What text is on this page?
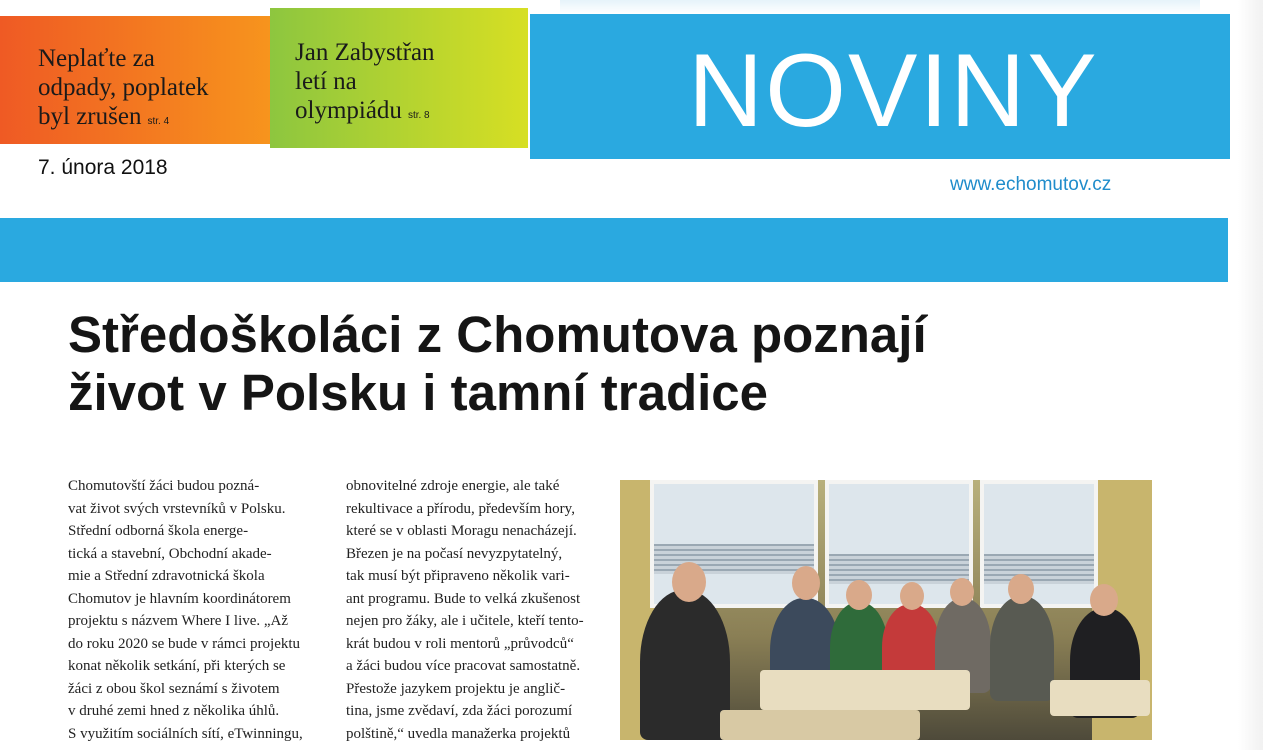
Neplaťte za
odpady, poplatek
byl zrušen str. 4
Jan Zabystřan
letí na
olympiádu str. 8	NOVINY
7. února 2018
www.echomutov.cz
Středoškoláci z Chomutova poznají
život v Polsku i tamní tradice
Chomutovští žáci budou pozná-
vat život svých vrstevníků v Polsku.
Střední odborná škola energe-
tická a stavební, Obchodní akade-
mie a Střední zdravotnická škola
Chomutov je hlavním koordinátorem
projektu s názvem Where I live. „Až
do roku 2020 se bude v rámci projektu
konat několik setkání, při kterých se
žáci z obou škol seznámí s životem
v druhé zemi hned z několika úhlů.
S využitím sociálních sítí, eTwinningu,
obnovitelné zdroje energie, ale také
rekultivace a přírodu, především hory,
které se v oblasti Moragu nenacházejí.
Březen je na počasí nevyzpytatelný,
tak musí být připraveno několik vari-
ant programu. Bude to velká zkušenost
nejen pro žáky, ale i učitele, kteří tento-
krát budou v roli mentorů „průvodců“
a žáci budou více pracovat samostatně.
Přestože jazykem projektu je anglič-
tina, jsme zvědaví, zda žáci porozumí
polštině,“ uvedla manažerka projektů
